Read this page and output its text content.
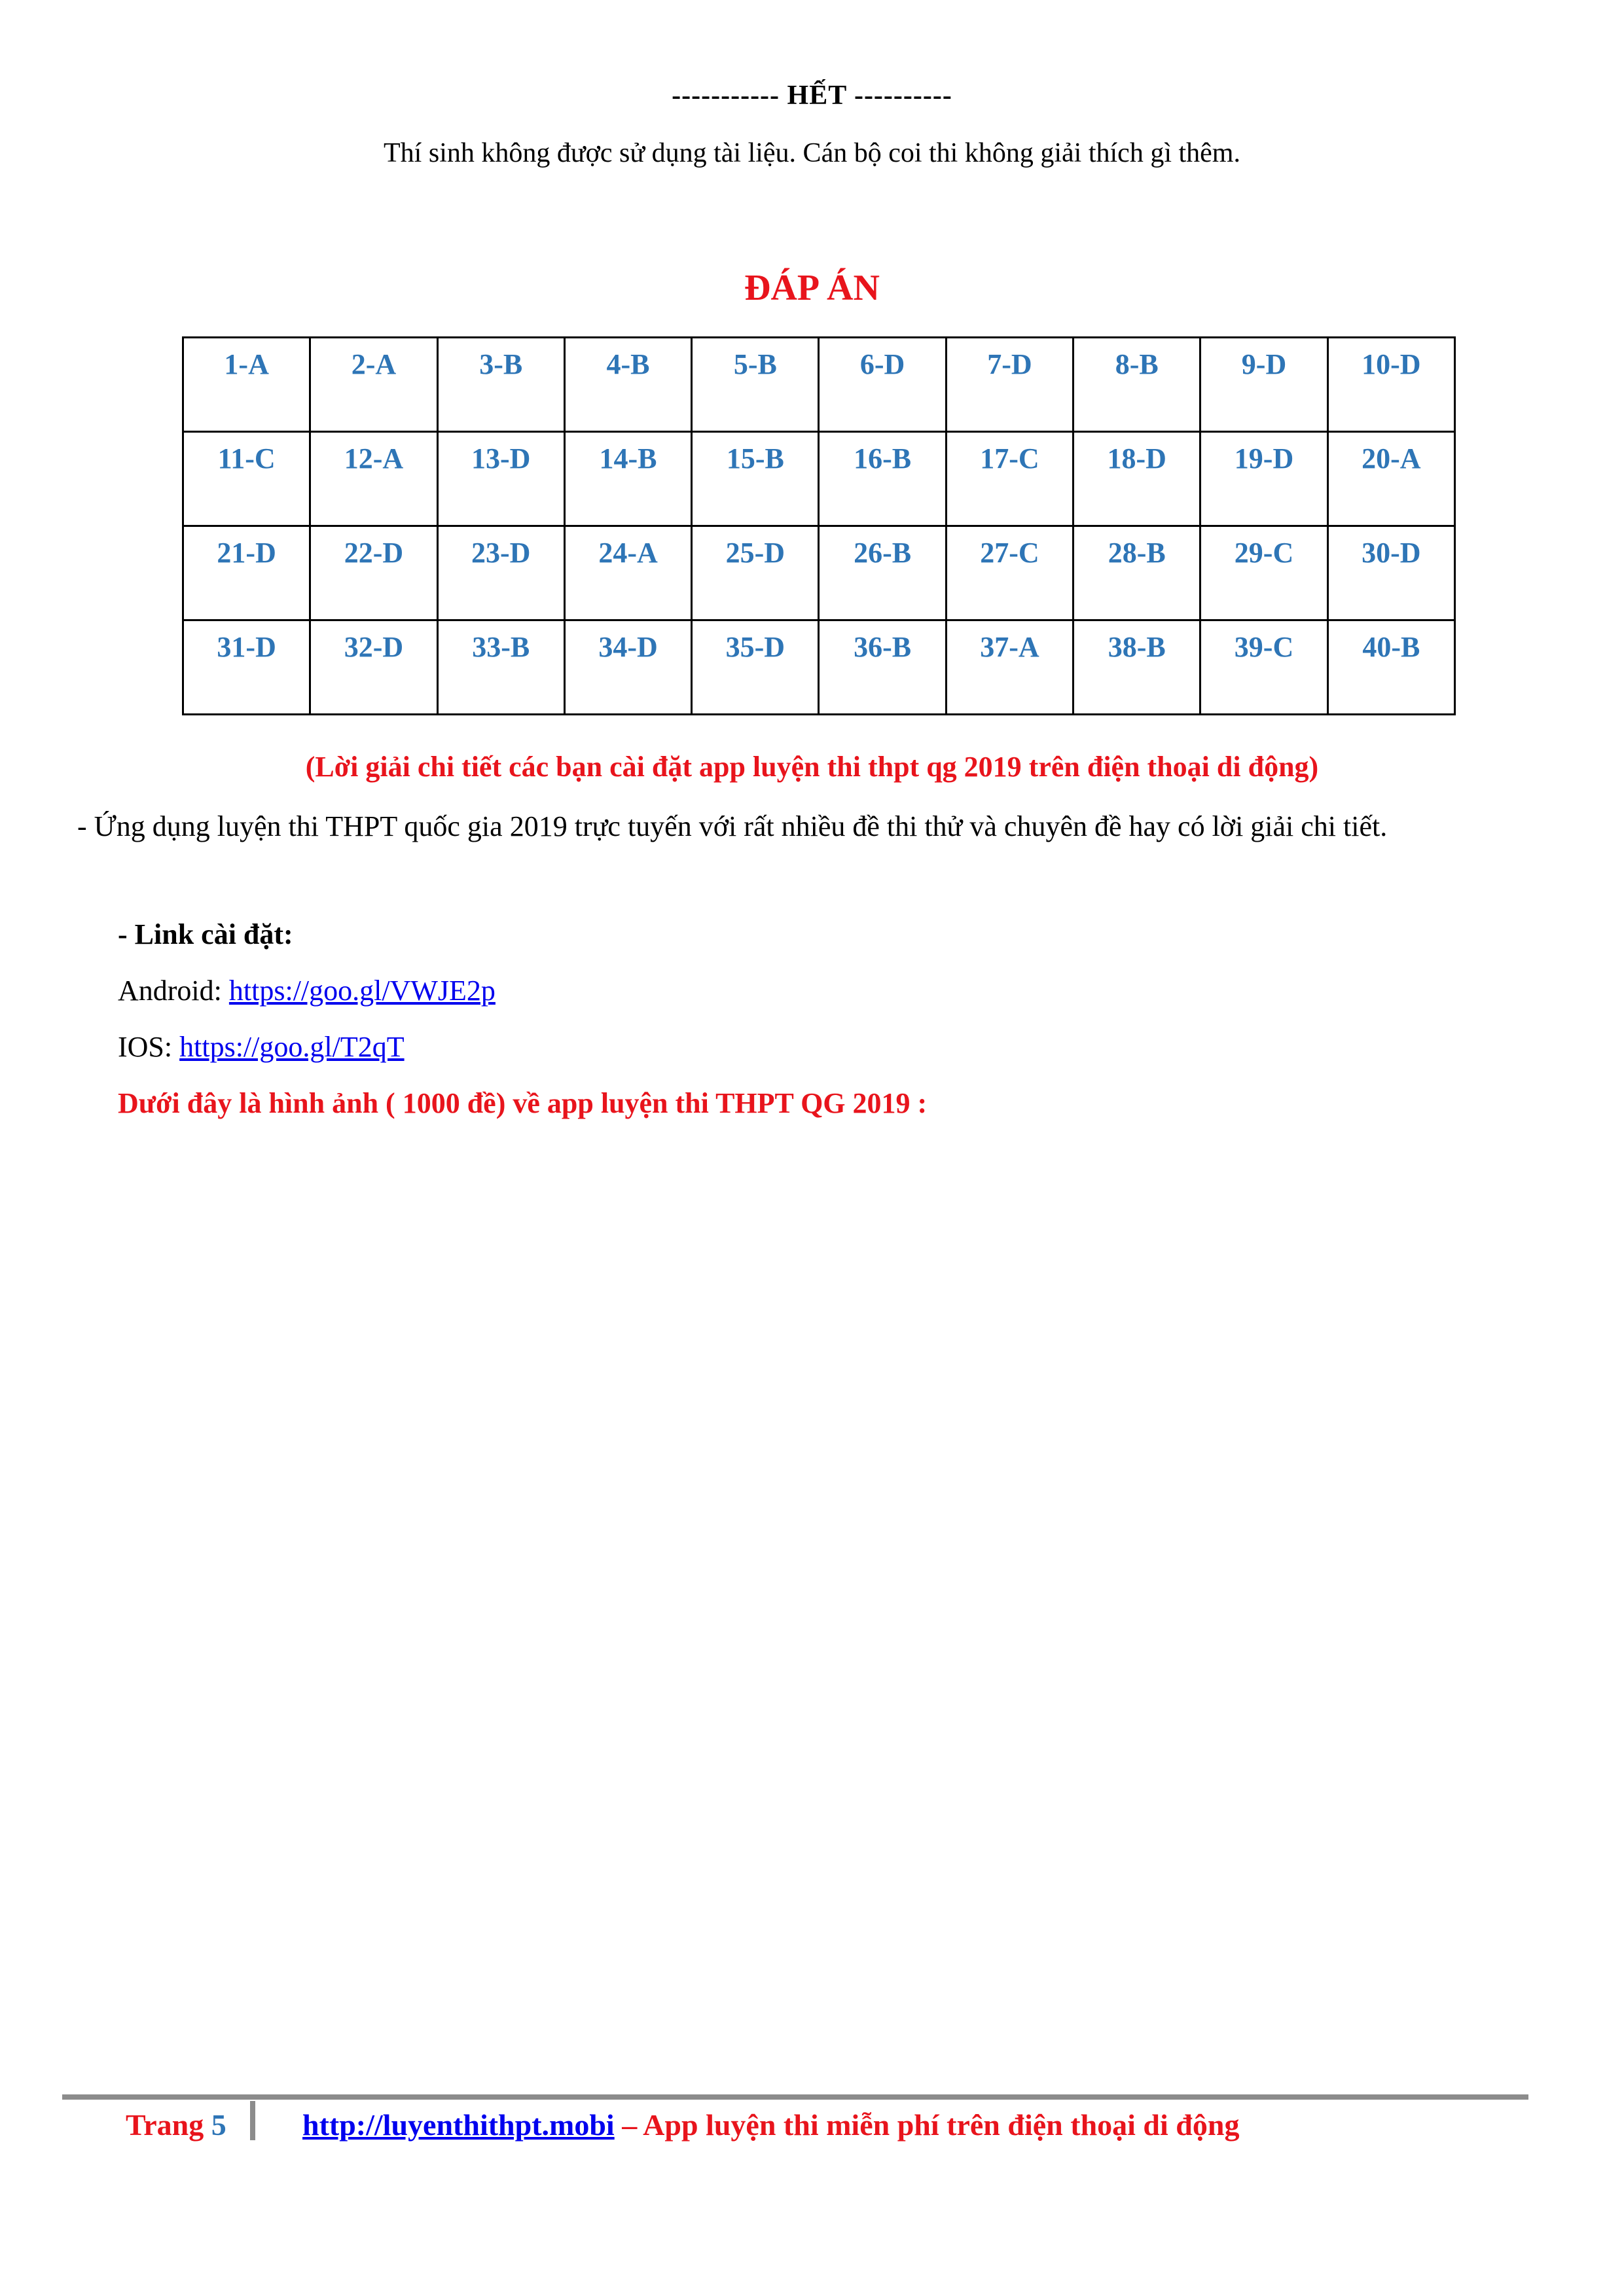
----------- HẾT ----------
Thí sinh không được sử dụng tài liệu. Cán bộ coi thi không giải thích gì thêm.
ĐÁP ÁN
1-A	2-A	3-B	4-B	5-B	6-D	7-D	8-B	9-D	10-D
11-C	12-A	13-D	14-B	15-B	16-B	17-C	18-D	19-D	20-A
21-D	22-D	23-D	24-A	25-D	26-B	27-C	28-B	29-C	30-D
31-D	32-D	33-B	34-D	35-D	36-B	37-A	38-B	39-C	40-B
(Lời giải chi tiết các bạn cài đặt app luyện thi thpt qg 2019 trên điện thoại di động)
- Ứng dụng luyện thi THPT quốc gia 2019 trực tuyến với rất nhiều đề thi thử và chuyên đề hay có lời giải chi tiết.
- Link cài đặt:
Android: https://goo.gl/VWJE2p
IOS: https://goo.gl/T2qT
Dưới đây là hình ảnh ( 1000 đề) về app luyện thi THPT QG 2019 :
Trang 5	http://luyenthithpt.mobi – App luyện thi miễn phí trên điện thoại di động
